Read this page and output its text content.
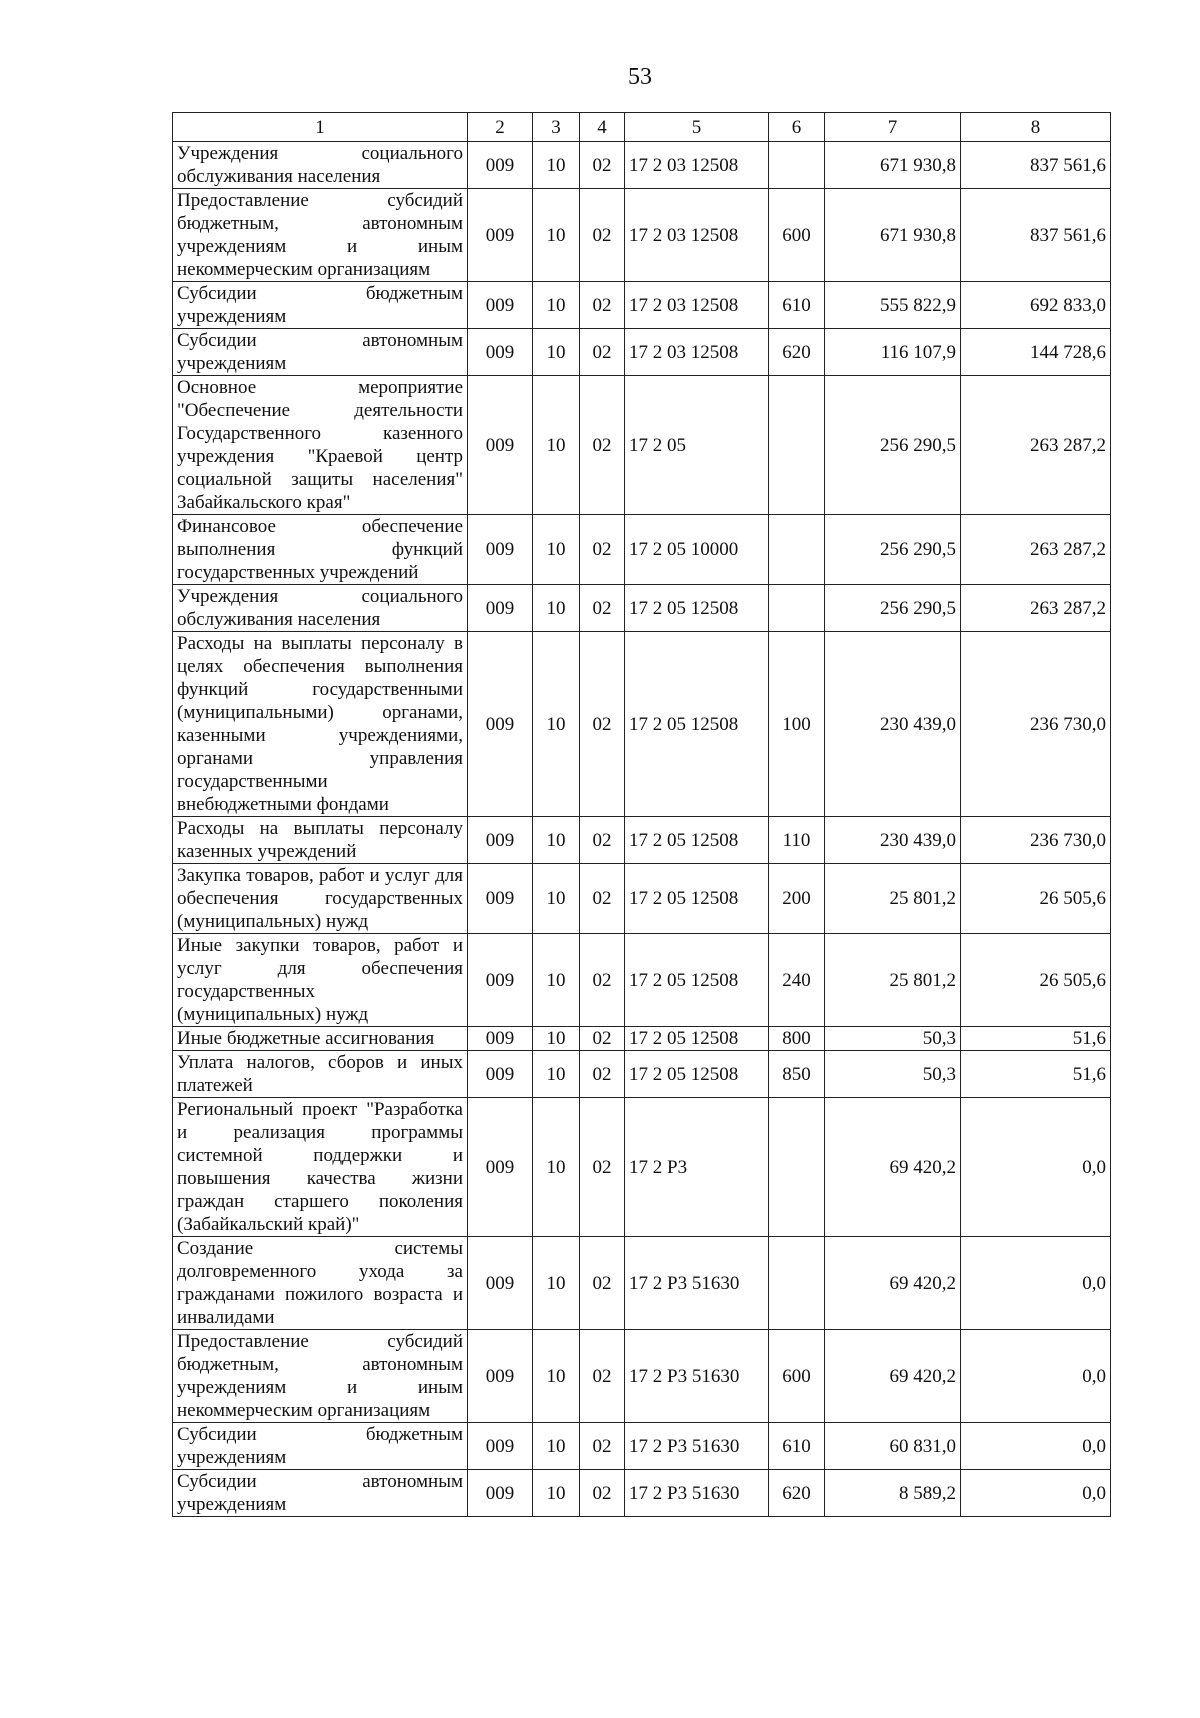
53
1	2	3	4	5	6	7	8
Учреждения социального обслуживания населения	009	10	02	17 2 03 12508		671 930,8	837 561,6
Предоставление субсидий бюджетным, автономным учреждениям и иным некоммерческим организациям	009	10	02	17 2 03 12508	600	671 930,8	837 561,6
Субсидии бюджетным учреждениям	009	10	02	17 2 03 12508	610	555 822,9	692 833,0
Субсидии автономным учреждениям	009	10	02	17 2 03 12508	620	116 107,9	144 728,6
Основное мероприятие "Обеспечение деятельности Государственного казенного учреждения "Краевой центр социальной защиты населения" Забайкальского края"	009	10	02	17 2 05		256 290,5	263 287,2
Финансовое обеспечение выполнения функций государственных учреждений	009	10	02	17 2 05 10000		256 290,5	263 287,2
Учреждения социального обслуживания населения	009	10	02	17 2 05 12508		256 290,5	263 287,2
Расходы на выплаты персоналу в целях обеспечения выполнения функций государственными (муниципальными) органами, казенными учреждениями, органами управления государственными внебюджетными фондами	009	10	02	17 2 05 12508	100	230 439,0	236 730,0
Расходы на выплаты персоналу казенных учреждений	009	10	02	17 2 05 12508	110	230 439,0	236 730,0
Закупка товаров, работ и услуг для обеспечения государственных (муниципальных) нужд	009	10	02	17 2 05 12508	200	25 801,2	26 505,6
Иные закупки товаров, работ и услуг для обеспечения государственных (муниципальных) нужд	009	10	02	17 2 05 12508	240	25 801,2	26 505,6
Иные бюджетные ассигнования	009	10	02	17 2 05 12508	800	50,3	51,6
Уплата налогов, сборов и иных платежей	009	10	02	17 2 05 12508	850	50,3	51,6
Региональный проект "Разработка и реализация программы системной поддержки и повышения качества жизни граждан старшего поколения (Забайкальский край)"	009	10	02	17 2 P3		69 420,2	0,0
Создание системы долговременного ухода за гражданами пожилого возраста и инвалидами	009	10	02	17 2 P3 51630		69 420,2	0,0
Предоставление субсидий бюджетным, автономным учреждениям и иным некоммерческим организациям	009	10	02	17 2 P3 51630	600	69 420,2	0,0
Субсидии бюджетным учреждениям	009	10	02	17 2 P3 51630	610	60 831,0	0,0
Субсидии автономным учреждениям	009	10	02	17 2 P3 51630	620	8 589,2	0,0
